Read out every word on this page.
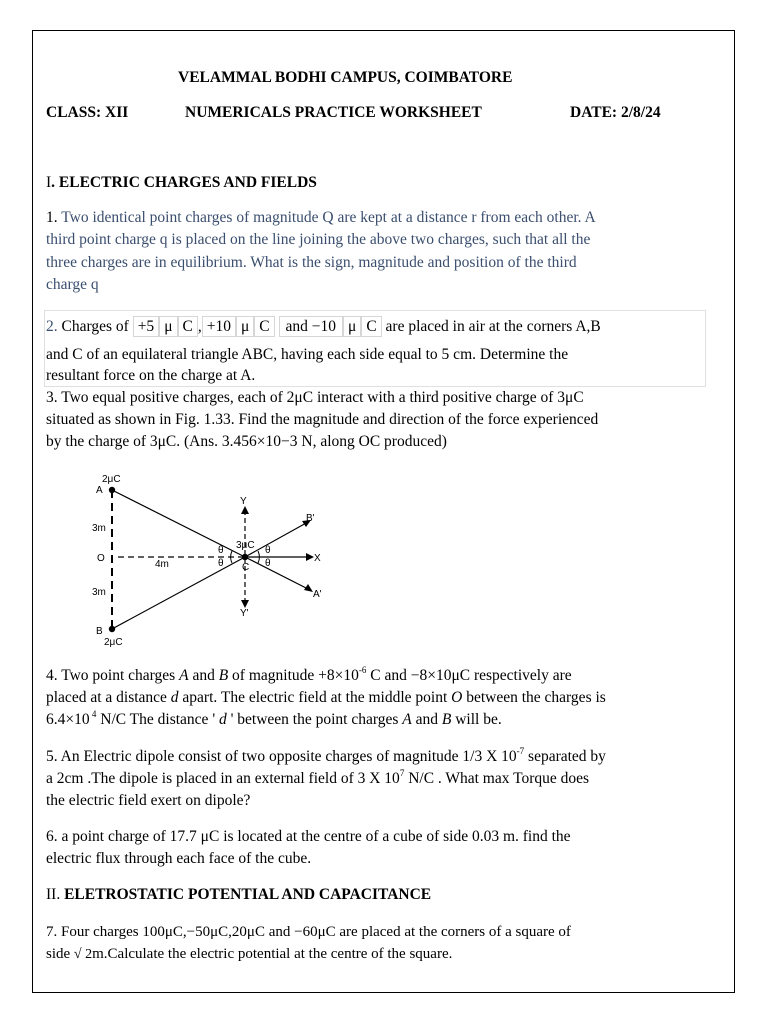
VELAMMAL BODHI CAMPUS, COIMBATORE
CLASS: XII	NUMERICALS PRACTICE WORKSHEET	DATE: 2/8/24
I. ELECTRIC CHARGES AND FIELDS
1. Two identical point charges of magnitude Q are kept at a distance r from each other. A
third point charge q is placed on the line joining the above two charges, such that all the
three charges are in equilibrium. What is the sign, magnitude and position of the third
charge q
2. Charges of +5 μ C , +10 μ C and −10 μ C are placed in air at the corners A,B
and C of an equilateral triangle ABC, having each side equal to 5 cm. Determine the
resultant force on the charge at A.
3. Two equal positive charges, each of 2μC interact with a third positive charge of 3μC
situated as shown in Fig. 1.33. Find the magnitude and direction of the force experienced
by the charge of 3μC. (Ans. 3.456×10−3 N, along OC produced)
2μC
A
B
2μC
3m
3m
O
4m
3μC
C
Y
Y'
X
B'
A'
θ
θ
θ
θ
4. Two point charges A and B of magnitude $+8\times 10^{-6}$ C and −8×10μC respectively are
placed at a distance d apart. The electric field at the middle point O between the charges is
6.4×10 $^4$ N/C The distance ' d ' between the point charges A and B will be.
5. An Electric dipole consist of two opposite charges of magnitude 1/3 X $10^{-7}$ separated by
a 2cm .The dipole is placed in an external field of 3 X $10^7$ N/C . What max Torque does
the electric field exert on dipole?
6. a point charge of 17.7 μC is located at the centre of a cube of side 0.03 m. find the
electric flux through each face of the cube.
II. ELETROSTATIC POTENTIAL AND CAPACITANCE
7. Four charges 100μC,−50μC,20μC and −60μC are placed at the corners of a square of
side √ 2m.Calculate the electric potential at the centre of the square.
